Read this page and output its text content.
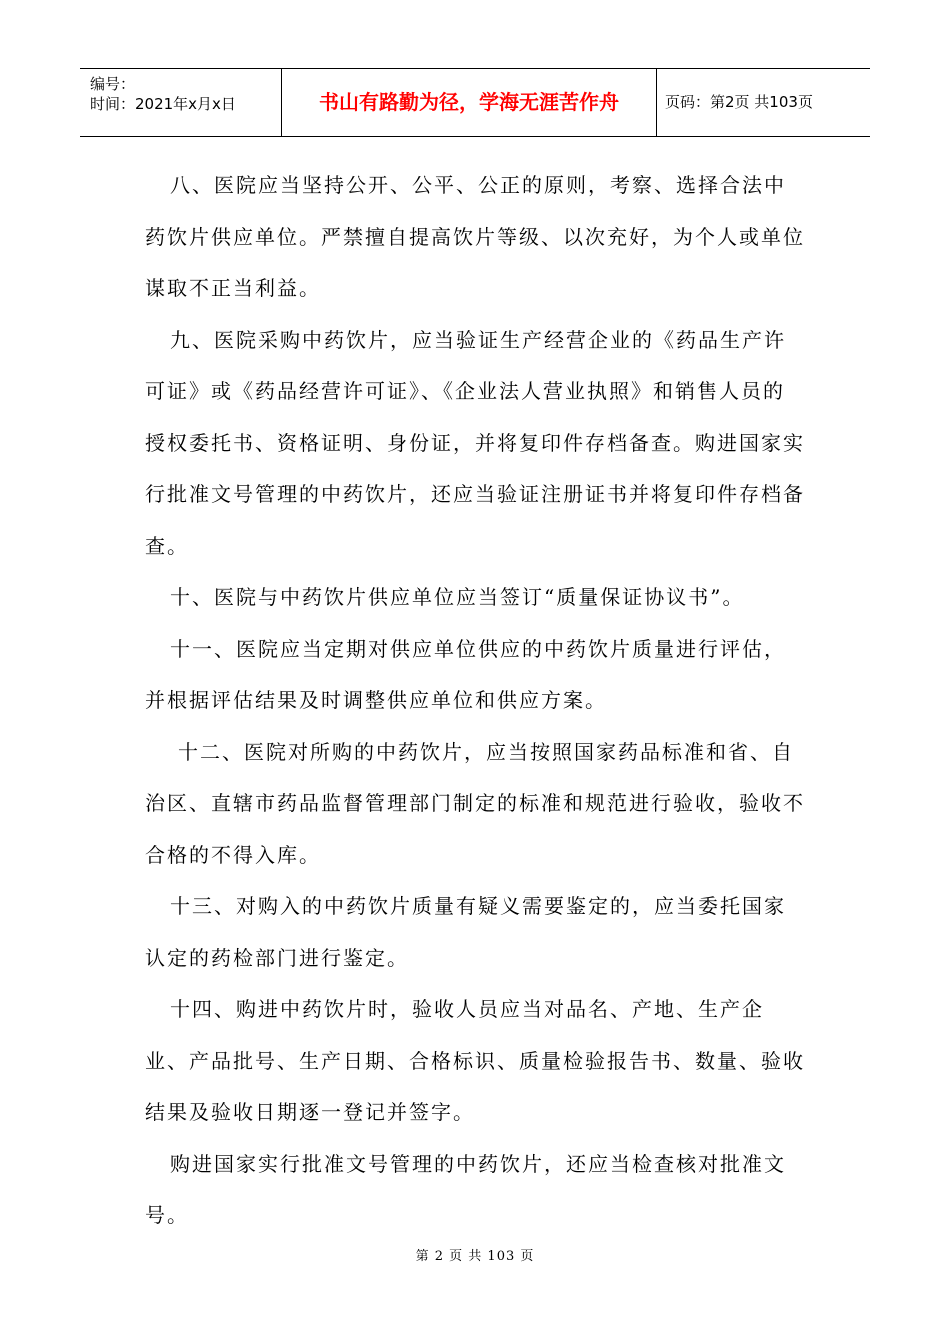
编号：
时间：2021年x月x日	书山有路勤为径，学海无涯苦作舟	页码：第2页 共103页

八、医院应当坚持公开、公平、公正的原则，考察、选择合法中药饮片供应单位。严禁擅自提高饮片等级、以次充好，为个人或单位谋取不正当利益。

九、医院采购中药饮片，应当验证生产经营企业的《药品生产许可证》或《药品经营许可证》、《企业法人营业执照》和销售人员的授权委托书、资格证明、身份证，并将复印件存档备查。购进国家实行批准文号管理的中药饮片，还应当验证注册证书并将复印件存档备查。

十、医院与中药饮片供应单位应当签订“质量保证协议书”。

十一、医院应当定期对供应单位供应的中药饮片质量进行评估，并根据评估结果及时调整供应单位和供应方案。

十二、医院对所购的中药饮片，应当按照国家药品标准和省、自治区、直辖市药品监督管理部门制定的标准和规范进行验收，验收不合格的不得入库。

十三、对购入的中药饮片质量有疑义需要鉴定的，应当委托国家认定的药检部门进行鉴定。

十四、购进中药饮片时，验收人员应当对品名、产地、生产企业、产品批号、生产日期、合格标识、质量检验报告书、数量、验收结果及验收日期逐一登记并签字。

购进国家实行批准文号管理的中药饮片，还应当检查核对批准文号。

第 2 页 共 103 页
